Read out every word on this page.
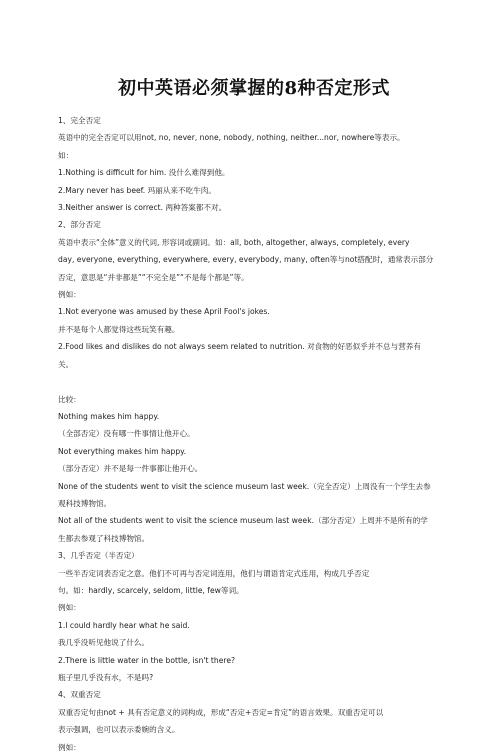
初中英语必须掌握的8种否定形式
1、完全否定
英语中的完全否定可以用not, no, never, none, nobody, nothing, neither...nor, nowhere等表示。
如：
1.Nothing is difficult for him. 没什么难得到他。
2.Mary never has beef. 玛丽从来不吃牛肉。
3.Neither answer is correct. 两种答案都不对。
2、部分否定
英语中表示“全体”意义的代词, 形容词或副词。如：all, both, altogether, always, completely, every
day, everyone, everything, everywhere, every, everybody, many, often等与not搭配时，通常表示部分
否定，意思是“并非都是”“不完全是”“不是每个都是”等。
例如：
1.Not everyone was amused by these April Fool's jokes.
并不是每个人都觉得这些玩笑有趣。
2.Food likes and dislikes do not always seem related to nutrition. 对食物的好恶似乎并不总与营养有
关。

比较：
Nothing makes him happy.
（全部否定）没有哪一件事情让他开心。
Not everything makes him happy.
（部分否定）并不是每一件事都让他开心。
None of the students went to visit the science museum last week.（完全否定）上周没有一个学生去参
观科技博物馆。
Not all of the students went to visit the science museum last week.（部分否定）上周并不是所有的学
生都去参观了科技博物馆。
3、几乎否定（半否定）
一些半否定词表否定之意。他们不可再与否定词连用，他们与谓语肯定式连用，构成几乎否定
句。如：hardly, scarcely, seldom, little, few等词。
例如：
1.I could hardly hear what he said.
我几乎没听见他说了什么。
2.There is little water in the bottle, isn't there?
瓶子里几乎没有水，不是吗?
4、双重否定
双重否定句由not + 具有否定意义的词构成，形成“否定+否定=肯定”的语言效果。双重否定可以
表示强调，也可以表示委婉的含义。
例如：
